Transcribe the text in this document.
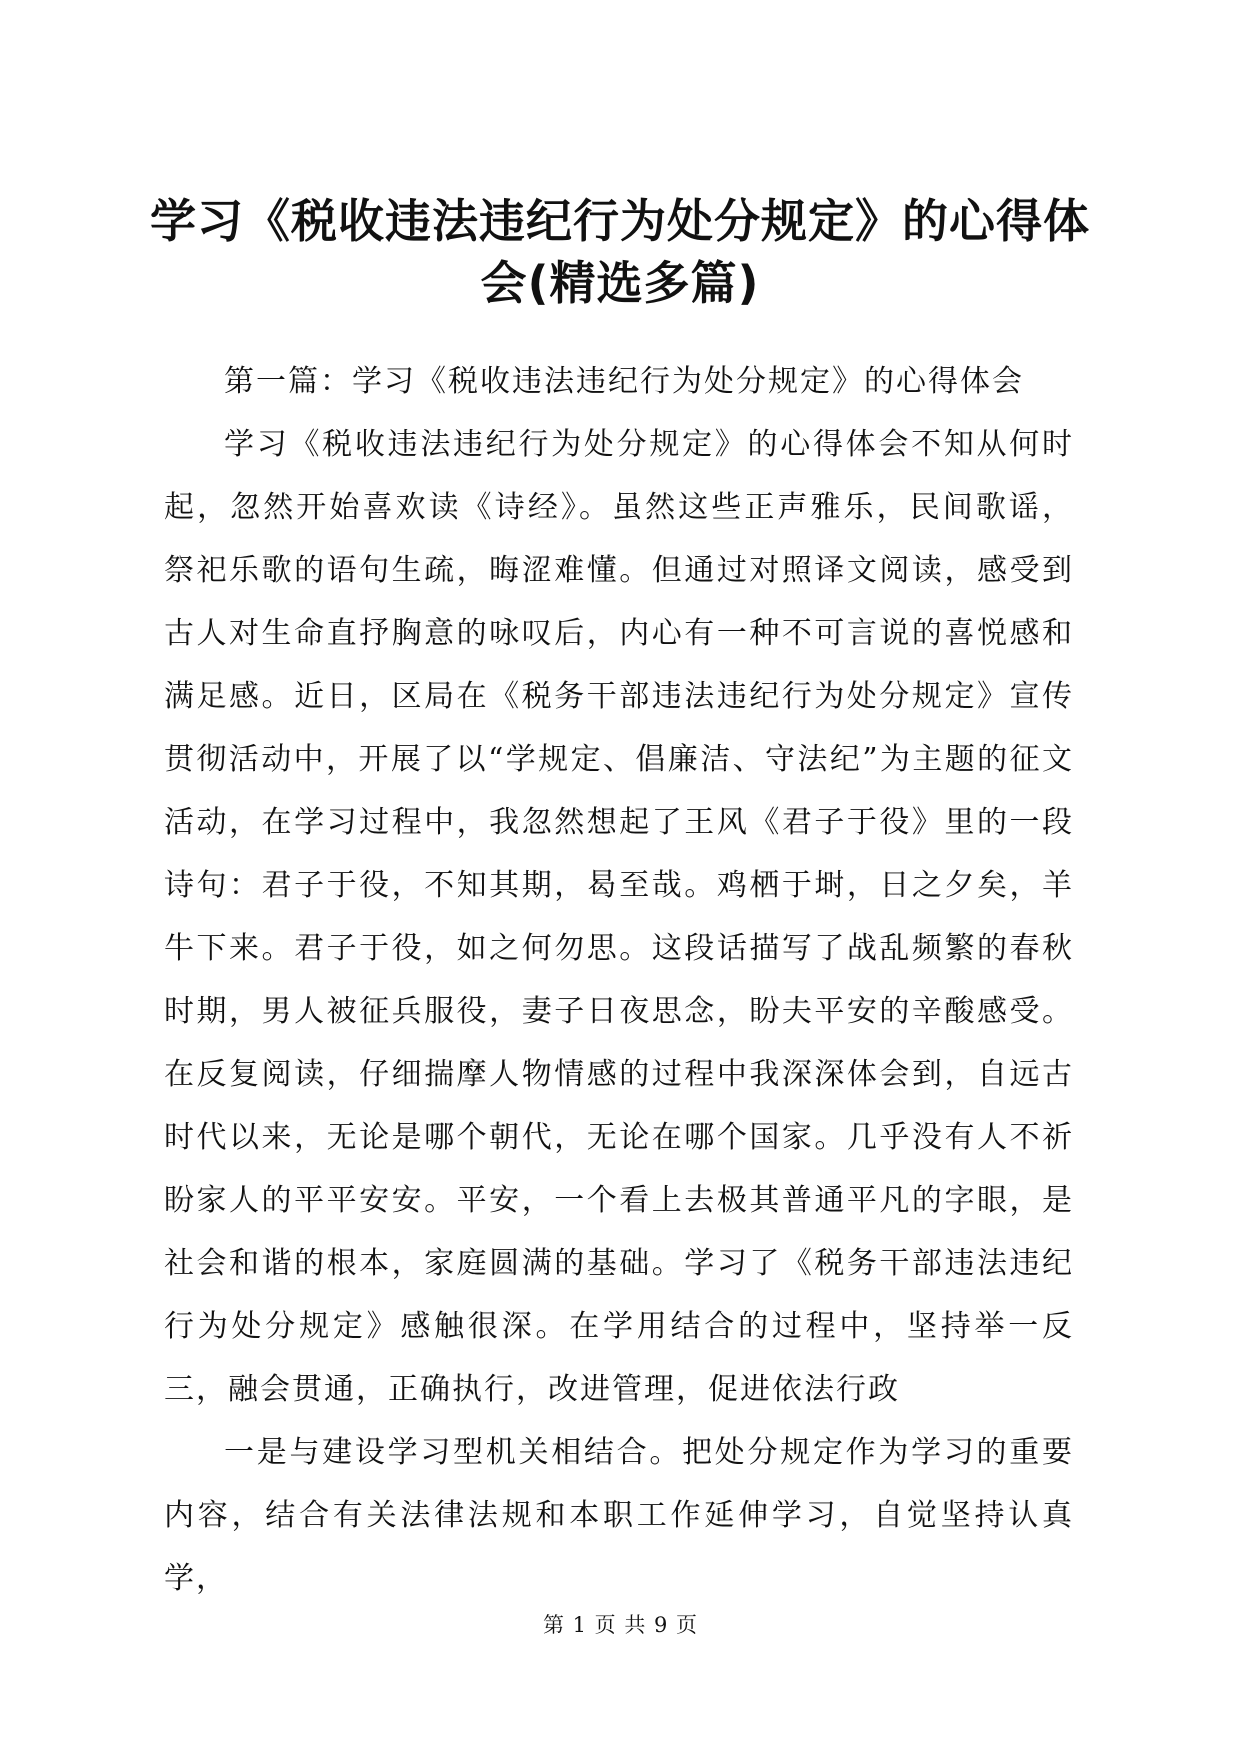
学习《税收违法违纪行为处分规定》的心得体会(精选多篇)

第一篇：学习《税收违法违纪行为处分规定》的心得体会

学习《税收违法违纪行为处分规定》的心得体会不知从何时起，忽然开始喜欢读《诗经》。虽然这些正声雅乐，民间歌谣，祭祀乐歌的语句生疏，晦涩难懂。但通过对照译文阅读，感受到古人对生命直抒胸意的咏叹后，内心有一种不可言说的喜悦感和满足感。近日，区局在《税务干部违法违纪行为处分规定》宣传贯彻活动中，开展了以“学规定、倡廉洁、守法纪”为主题的征文活动，在学习过程中，我忽然想起了王风《君子于役》里的一段诗句：君子于役，不知其期，曷至哉。鸡栖于埘，日之夕矣，羊牛下来。君子于役，如之何勿思。这段话描写了战乱频繁的春秋时期，男人被征兵服役，妻子日夜思念，盼夫平安的辛酸感受。在反复阅读，仔细揣摩人物情感的过程中我深深体会到，自远古时代以来，无论是哪个朝代，无论在哪个国家。几乎没有人不祈盼家人的平平安安。平安，一个看上去极其普通平凡的字眼，是社会和谐的根本，家庭圆满的基础。学习了《税务干部违法违纪行为处分规定》感触很深。在学用结合的过程中，坚持举一反三，融会贯通，正确执行，改进管理，促进依法行政

一是与建设学习型机关相结合。把处分规定作为学习的重要内容，结合有关法律法规和本职工作延伸学习，自觉坚持认真学，

第 1 页 共 9 页
